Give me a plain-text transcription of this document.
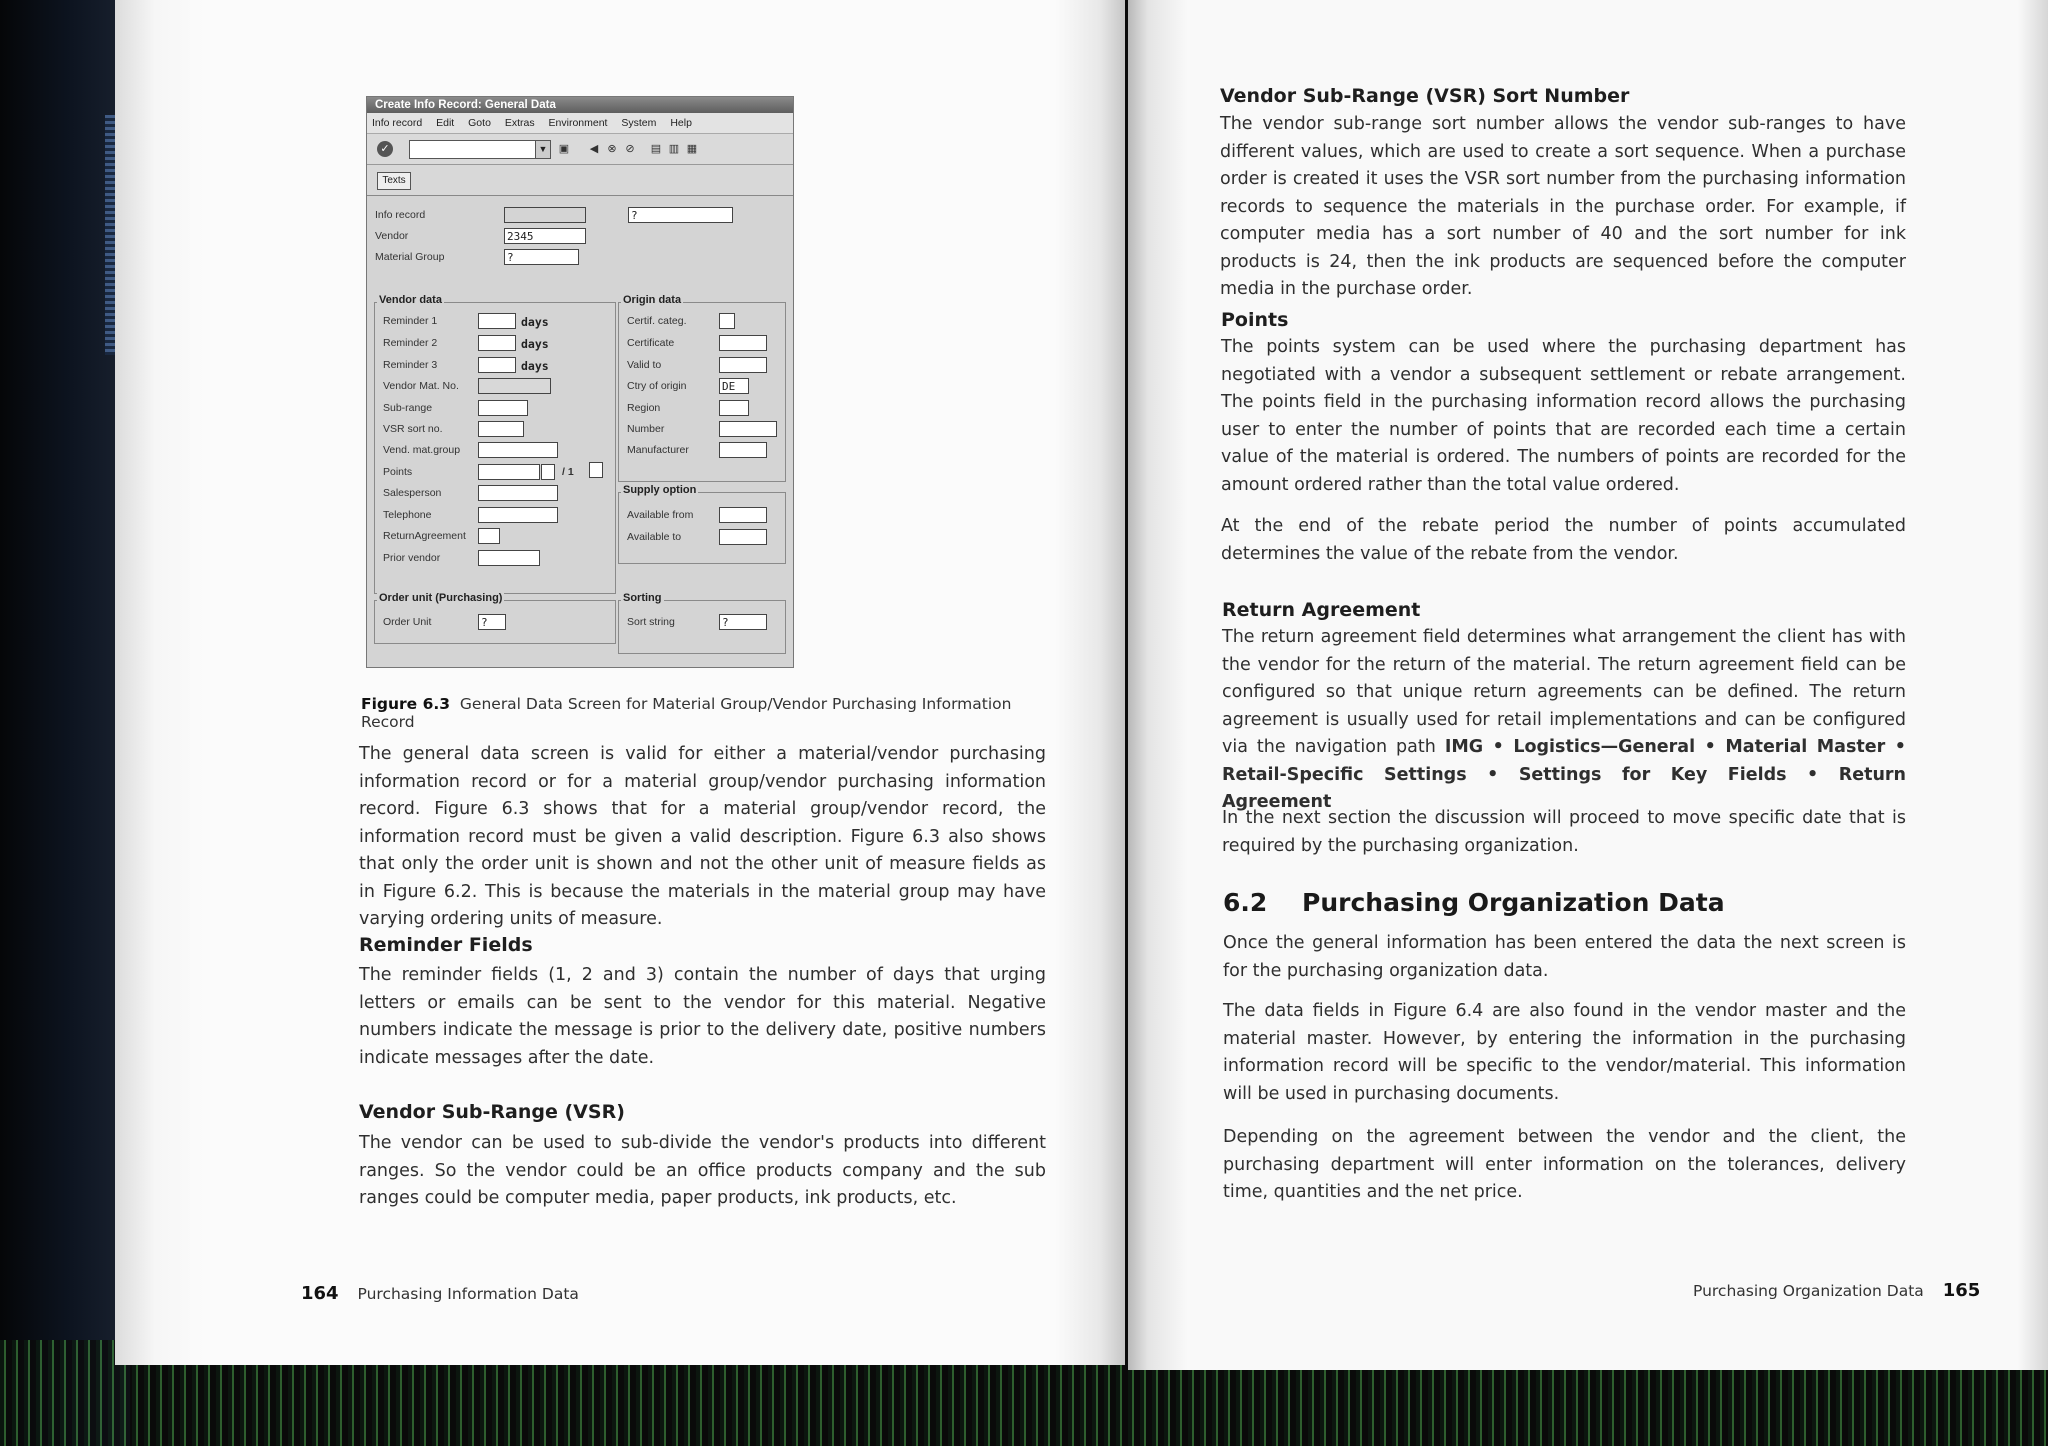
Create Info Record: General Data
Info record Edit Goto Extras Environment System Help
✓	▼ ▣ ◀ ⊗ ⊘ ▤ ▥ ▦
Texts
Info record	?
Vendor	2345
Material Group	?
Vendor data
Reminder 1	days
Reminder 2	days
Reminder 3	days
Vendor Mat. No.
Sub-range
VSR sort no.
Vend. mat.group
Points	/ 1
Salesperson
Telephone
ReturnAgreement
Prior vendor
Origin data
Certif. categ.
Certificate
Valid to
Ctry of origin	DE
Region
Number
Manufacturer
Supply option
Available from
Available to
Order unit (Purchasing)
Order Unit	?
Sorting
Sort string	?
Figure 6.3 General Data Screen for Material Group/Vendor Purchasing Information Record
The general data screen is valid for either a material/vendor purchasing information record or for a material group/vendor purchasing information record. Figure 6.3 shows that for a material group/vendor record, the information record must be given a valid description. Figure 6.3 also shows that only the order unit is shown and not the other unit of measure fields as in Figure 6.2. This is because the materials in the material group may have varying ordering units of measure.
Reminder Fields
The reminder fields (1, 2 and 3) contain the number of days that urging letters or emails can be sent to the vendor for this material. Negative numbers indicate the message is prior to the delivery date, positive numbers indicate messages after the date.
Vendor Sub-Range (VSR)
The vendor can be used to sub-divide the vendor's products into different ranges. So the vendor could be an office products company and the sub ranges could be computer media, paper products, ink products, etc.
164 Purchasing Information Data
Vendor Sub-Range (VSR) Sort Number
The vendor sub-range sort number allows the vendor sub-ranges to have different values, which are used to create a sort sequence. When a purchase order is created it uses the VSR sort number from the purchasing information records to sequence the materials in the purchase order. For example, if computer media has a sort number of 40 and the sort number for ink products is 24, then the ink products are sequenced before the computer media in the purchase order.
Points
The points system can be used where the purchasing department has negotiated with a vendor a subsequent settlement or rebate arrangement. The points field in the purchasing information record allows the purchasing user to enter the number of points that are recorded each time a certain value of the material is ordered. The numbers of points are recorded for the amount ordered rather than the total value ordered.
At the end of the rebate period the number of points accumulated determines the value of the rebate from the vendor.
Return Agreement
The return agreement field determines what arrangement the client has with the vendor for the return of the material. The return agreement field can be configured so that unique return agreements can be defined. The return agreement is usually used for retail implementations and can be configured via the navigation path IMG • Logistics—General • Material Master • Retail-Specific Settings • Settings for Key Fields • Return Agreement
In the next section the discussion will proceed to move specific date that is required by the purchasing organization.
6.2 Purchasing Organization Data
Once the general information has been entered the data the next screen is for the purchasing organization data.
The data fields in Figure 6.4 are also found in the vendor master and the material master. However, by entering the information in the purchasing information record will be specific to the vendor/material. This information will be used in purchasing documents.
Depending on the agreement between the vendor and the client, the purchasing department will enter information on the tolerances, delivery time, quantities and the net price.
Purchasing Organization Data 165
